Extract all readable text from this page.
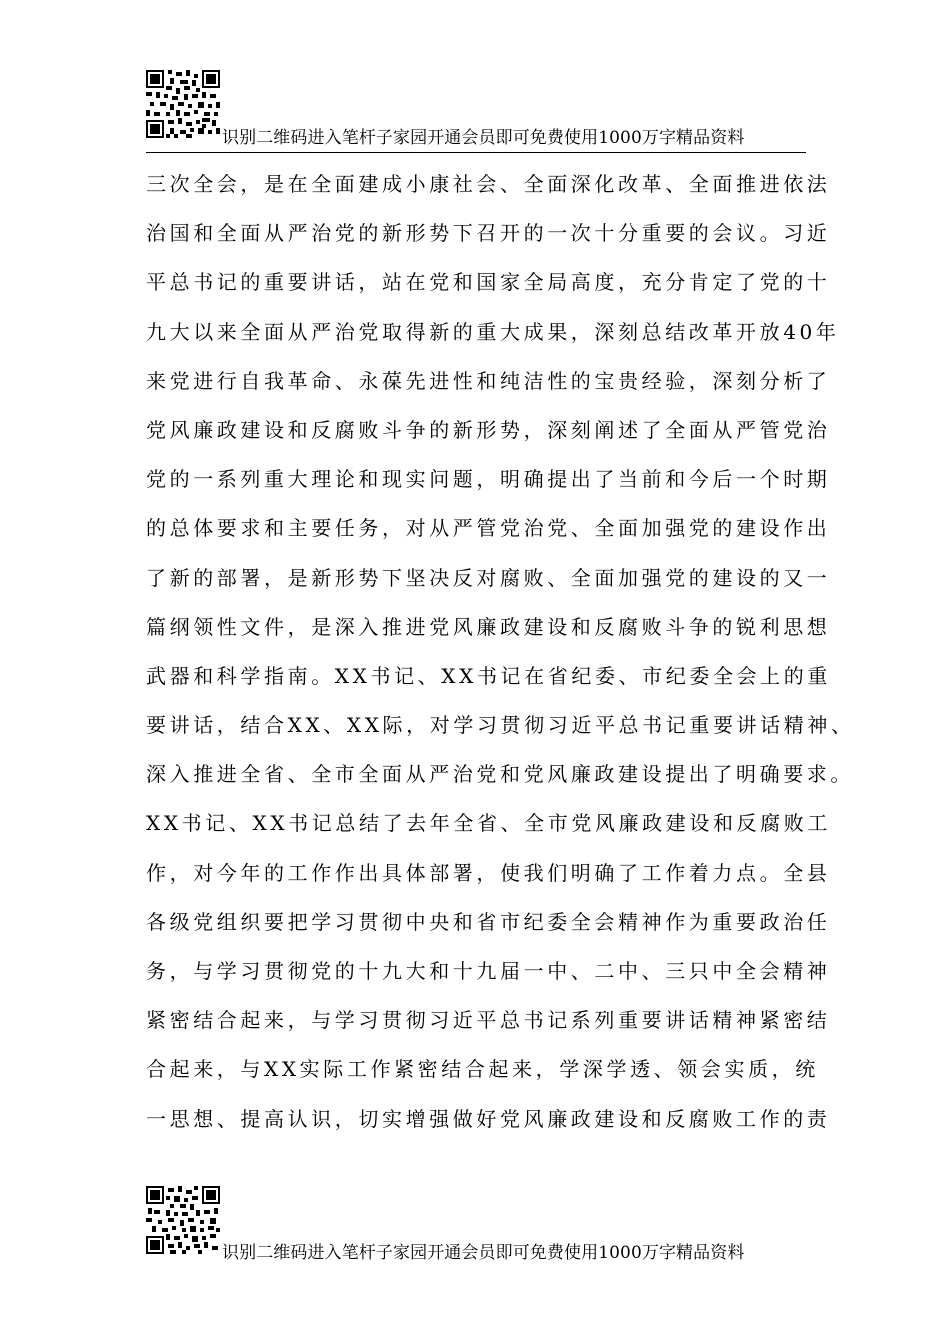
识别二维码进入笔杆子家园开通会员即可免费使用1000万字精品资料
三次全会，是在全面建成小康社会、全面深化改革、全面推进依法
治国和全面从严治党的新形势下召开的一次十分重要的会议。习近
平总书记的重要讲话，站在党和国家全局高度，充分肯定了党的十
九大以来全面从严治党取得新的重大成果，深刻总结改革开放40年
来党进行自我革命、永葆先进性和纯洁性的宝贵经验，深刻分析了
党风廉政建设和反腐败斗争的新形势，深刻阐述了全面从严管党治
党的一系列重大理论和现实问题，明确提出了当前和今后一个时期
的总体要求和主要任务，对从严管党治党、全面加强党的建设作出
了新的部署，是新形势下坚决反对腐败、全面加强党的建设的又一
篇纲领性文件，是深入推进党风廉政建设和反腐败斗争的锐利思想
武器和科学指南。XX书记、XX书记在省纪委、市纪委全会上的重
要讲话，结合XX、XX际，对学习贯彻习近平总书记重要讲话精神、
深入推进全省、全市全面从严治党和党风廉政建设提出了明确要求。
XX书记、XX书记总结了去年全省、全市党风廉政建设和反腐败工
作，对今年的工作作出具体部署，使我们明确了工作着力点。全县
各级党组织要把学习贯彻中央和省市纪委全会精神作为重要政治任
务，与学习贯彻党的十九大和十九届一中、二中、三只中全会精神
紧密结合起来，与学习贯彻习近平总书记系列重要讲话精神紧密结
合起来，与XX实际工作紧密结合起来，学深学透、领会实质，统
一思想、提高认识，切实增强做好党风廉政建设和反腐败工作的责
识别二维码进入笔杆子家园开通会员即可免费使用1000万字精品资料
